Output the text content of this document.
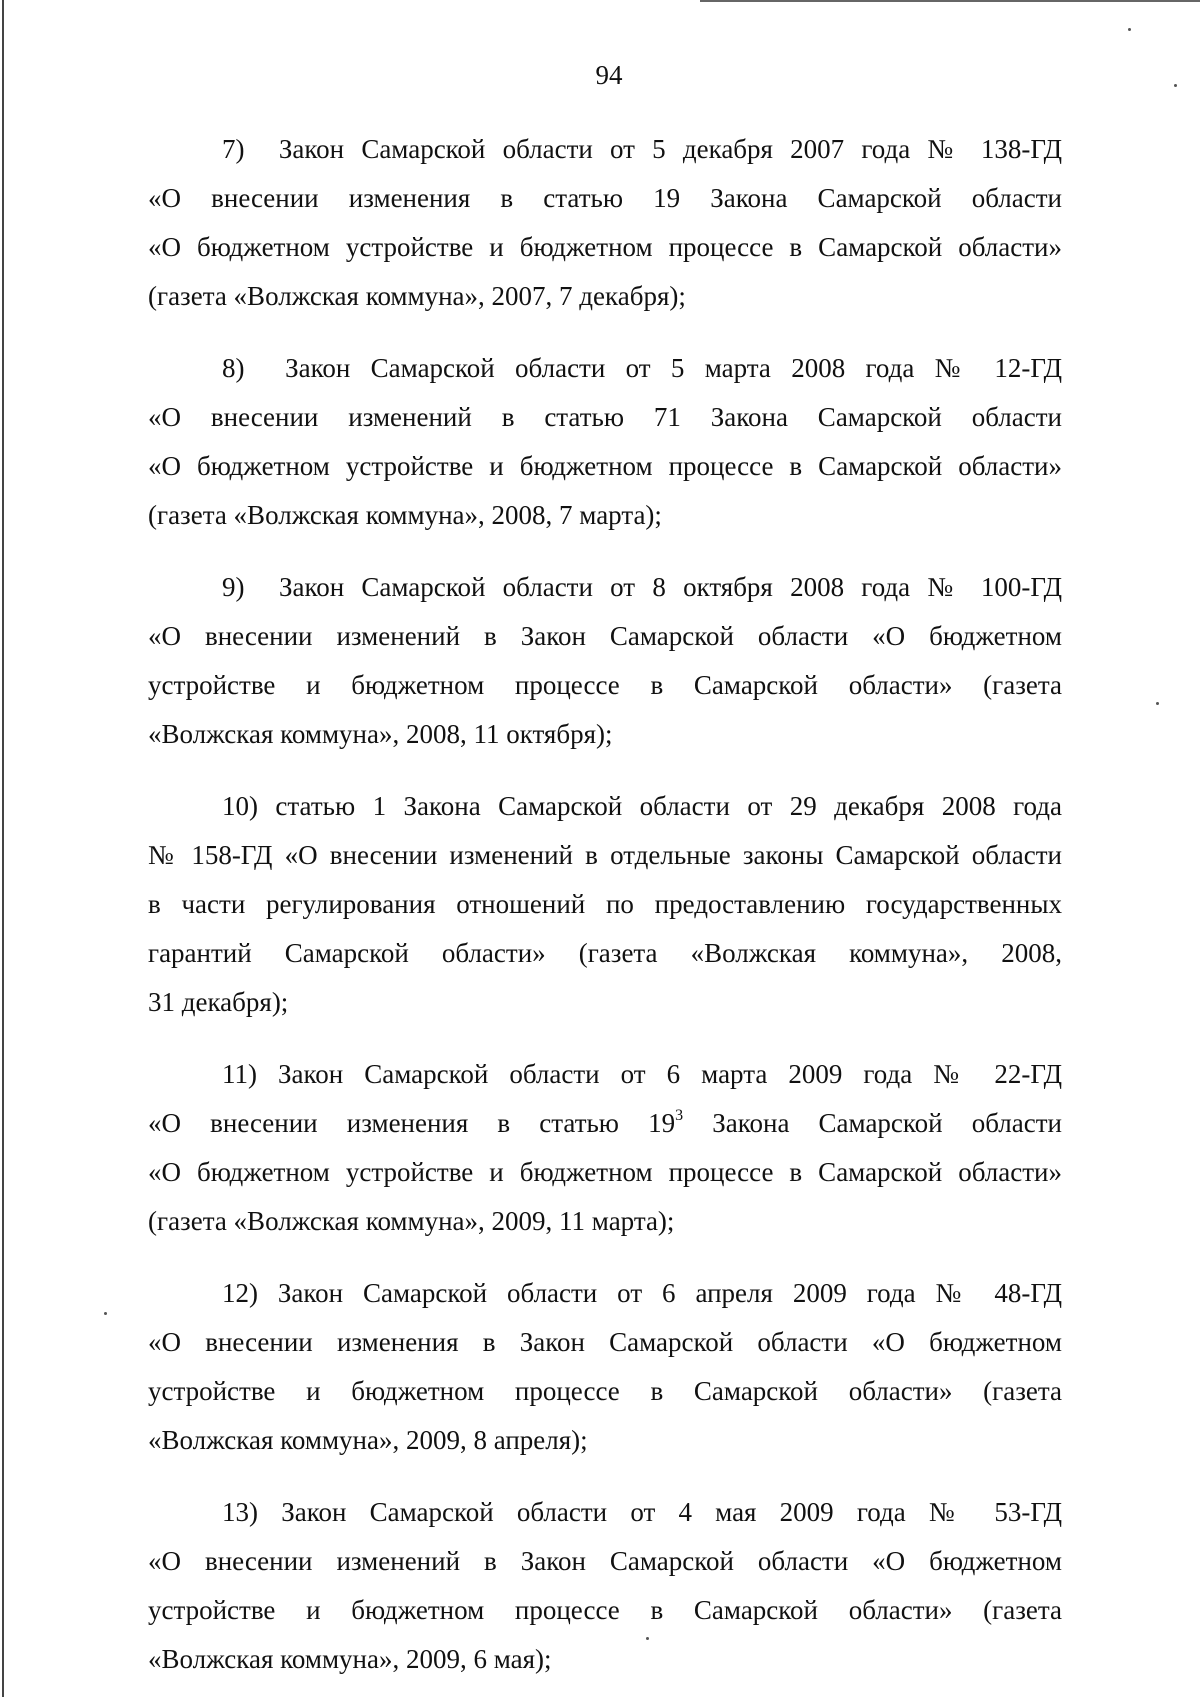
94
7)  Закон Самарской области от 5 декабря 2007 года № 138-ГД
«О внесении изменения в статью 19 Закона Самарской области
«О бюджетном устройстве и бюджетном процессе в Самарской области»
(газета «Волжская коммуна», 2007, 7 декабря);
8)  Закон Самарской области от 5 марта 2008 года № 12-ГД
«О внесении изменений в статью 71 Закона Самарской области
«О бюджетном устройстве и бюджетном процессе в Самарской области»
(газета «Волжская коммуна», 2008, 7 марта);
9)  Закон Самарской области от 8 октября 2008 года № 100-ГД
«О внесении изменений в Закон Самарской области «О бюджетном
устройстве и бюджетном процессе в Самарской области» (газета
«Волжская коммуна», 2008, 11 октября);
10) статью 1 Закона Самарской области от 29 декабря 2008 года
№ 158-ГД «О внесении изменений в отдельные законы Самарской области
в части регулирования отношений по предоставлению государственных
гарантий Самарской области» (газета «Волжская коммуна», 2008,
31 декабря);
11) Закон Самарской области от 6 марта 2009 года № 22-ГД
«О внесении изменения в статью $19^3$ Закона Самарской области
«О бюджетном устройстве и бюджетном процессе в Самарской области»
(газета «Волжская коммуна», 2009, 11 марта);
12) Закон Самарской области от 6 апреля 2009 года № 48-ГД
«О внесении изменения в Закон Самарской области «О бюджетном
устройстве и бюджетном процессе в Самарской области» (газета
«Волжская коммуна», 2009, 8 апреля);
13) Закон Самарской области от 4 мая 2009 года № 53-ГД
«О внесении изменений в Закон Самарской области «О бюджетном
устройстве и бюджетном процессе в Самарской области» (газета
«Волжская коммуна», 2009, 6 мая);
